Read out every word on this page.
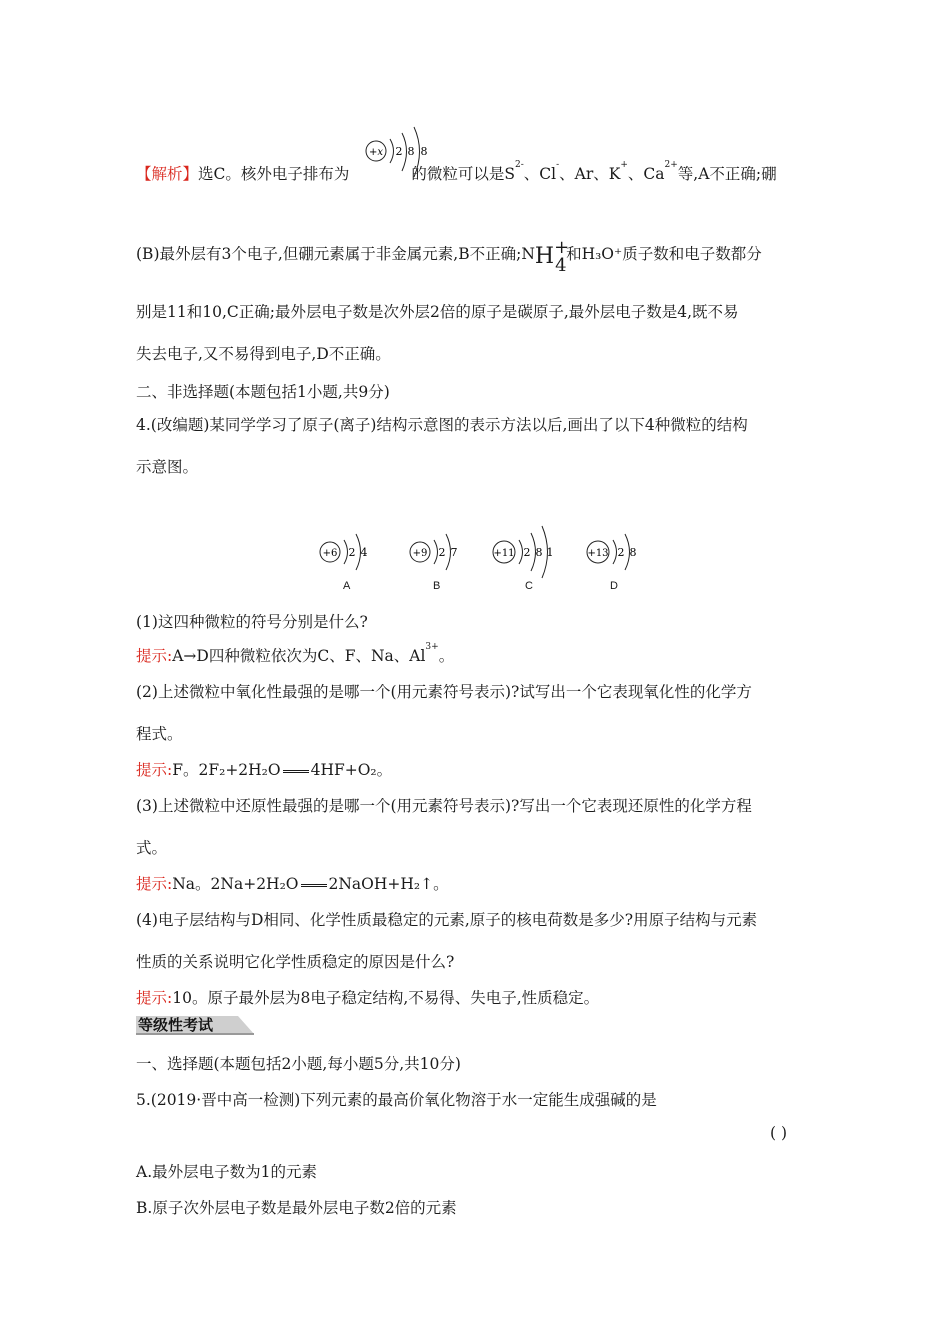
【解析】选C。核外电子排布为	的微粒可以是$S^{2-}$、Cl-、Ar、K+、$Ca^{2+}$等,A不正确;硼
+x 2 8 8
(B)最外层有3个电子,但硼元素属于非金属元素,B不正确;NH +
4
和H₃O⁺质子数和电子数都分
别是11和10,C正确;最外层电子数是次外层2倍的原子是碳原子,最外层电子数是4,既不易
失去电子,又不易得到电子,D不正确。
二、非选择题(本题包括1小题,共9分)
4.(改编题)某同学学习了原子(离子)结构示意图的表示方法以后,画出了以下4种微粒的结构
示意图。
+6 2 4
A
+9 2 7
B
+11 2 8 1
C
+13 2 8
D
(1)这四种微粒的符号分别是什么?
提示:A→D四种微粒依次为C、F、Na、$Al^{3+}$。
(2)上述微粒中氧化性最强的是哪一个(用元素符号表示)?试写出一个它表现氧化性的化学方
程式。
提示:F。2F₂+2H₂O 4HF+O₂。
(3)上述微粒中还原性最强的是哪一个(用元素符号表示)?写出一个它表现还原性的化学方程
式。
提示:Na。2Na+2H₂O 2NaOH+H₂↑。
(4)电子层结构与D相同、化学性质最稳定的元素,原子的核电荷数是多少?用原子结构与元素
性质的关系说明它化学性质稳定的原因是什么?
提示:10。原子最外层为8电子稳定结构,不易得、失电子,性质稳定。
等级性考试
一、选择题(本题包括2小题,每小题5分,共10分)
5.(2019·晋中高一检测)下列元素的最高价氧化物溶于水一定能生成强碱的是
( )
A.最外层电子数为1的元素
B.原子次外层电子数是最外层电子数2倍的元素
